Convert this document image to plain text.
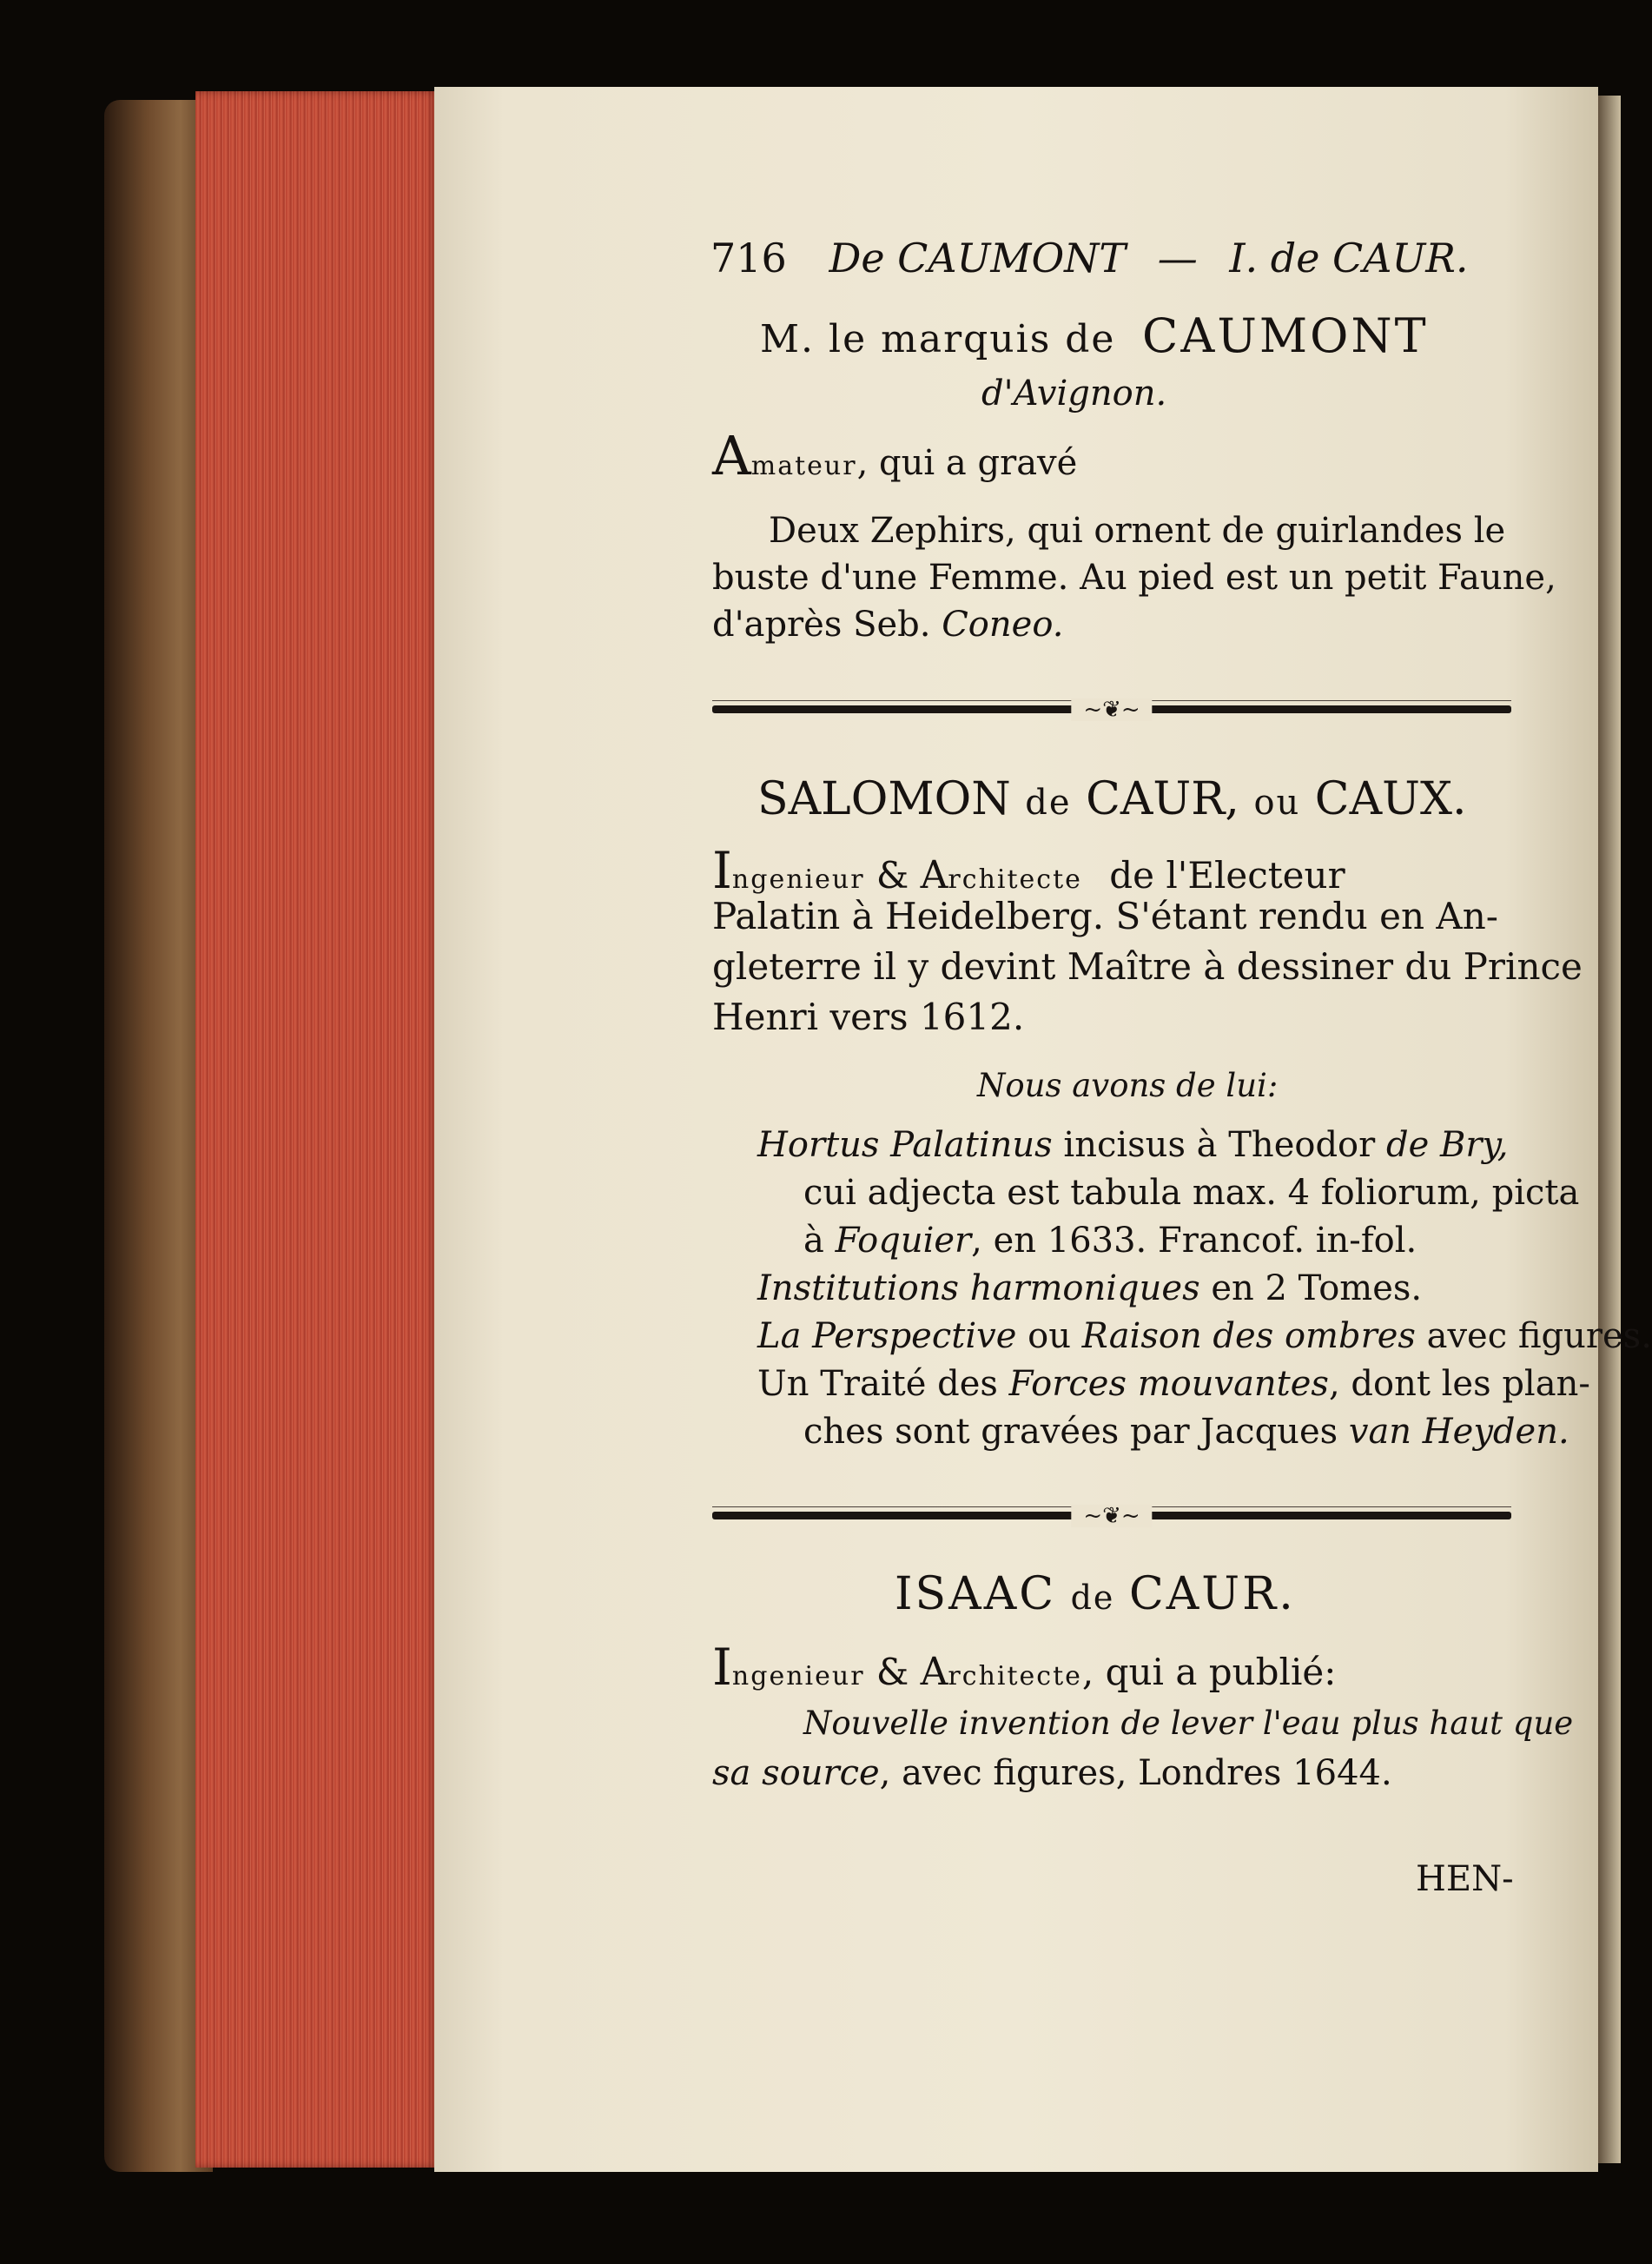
716 De CAUMONT — I. de CAUR.
M. le marquis de CAUMONT
d'Avignon.
Amateur, qui a gravé
Deux Zephirs, qui ornent de guirlandes le
buste d'une Femme. Au pied est un petit Faune,
d'après Seb. Coneo.
~❦~
SALOMON de CAUR, ou CAUX.
Ingenieur & Architecte de l'Electeur
Palatin à Heidelberg. S'étant rendu en An-
gleterre il y devint Maître à dessiner du Prince
Henri vers 1612.
Nous avons de lui:
Hortus Palatinus incisus à Theodor de Bry,
cui adjecta est tabula max. 4 foliorum, picta
à Foquier, en 1633. Francof. in-fol.
Institutions harmoniques en 2 Tomes.
La Perspective ou Raison des ombres avec figures.
Un Traité des Forces mouvantes, dont les plan-
ches sont gravées par Jacques van Heyden.
~❦~
ISAAC de CAUR.
Ingenieur & Architecte, qui a publié:
Nouvelle invention de lever l'eau plus haut que
sa source, avec figures, Londres 1644.
HEN-
